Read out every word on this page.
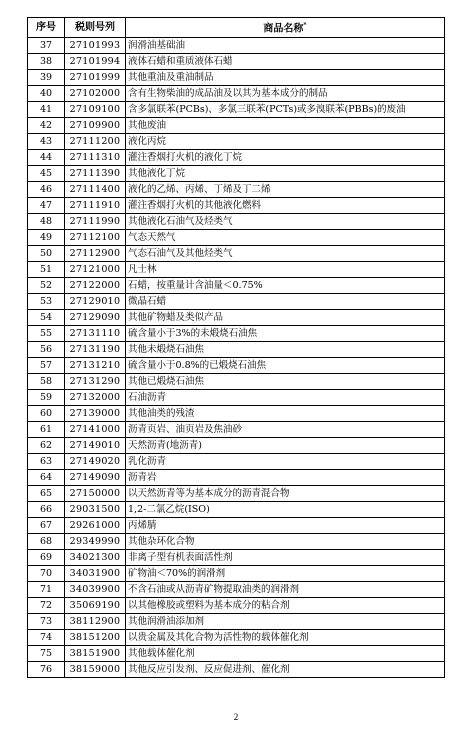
序号	税则号列	商品名称*
37	27101993	润滑油基础油
38	27101994	液体石蜡和重质液体石蜡
39	27101999	其他重油及重油制品
40	27102000	含有生物柴油的成品油及以其为基本成分的制品
41	27109100	含多氯联苯(PCBs)、多氯三联苯(PCTs)或多溴联苯(PBBs)的废油
42	27109900	其他废油
43	27111200	液化丙烷
44	27111310	灌注香烟打火机的液化丁烷
45	27111390	其他液化丁烷
46	27111400	液化的乙烯、丙烯、丁烯及丁二烯
47	27111910	灌注香烟打火机的其他液化燃料
48	27111990	其他液化石油气及烃类气
49	27112100	气态天然气
50	27112900	气态石油气及其他烃类气
51	27121000	凡士林
52	27122000	石蜡，按重量计含油量＜0.75%
53	27129010	微晶石蜡
54	27129090	其他矿物蜡及类似产品
55	27131110	硫含量小于3%的未煅烧石油焦
56	27131190	其他未煅烧石油焦
57	27131210	硫含量小于0.8%的已煅烧石油焦
58	27131290	其他已煅烧石油焦
59	27132000	石油沥青
60	27139000	其他油类的残渣
61	27141000	沥青页岩、油页岩及焦油砂
62	27149010	天然沥青(地沥青)
63	27149020	乳化沥青
64	27149090	沥青岩
65	27150000	以天然沥青等为基本成分的沥青混合物
66	29031500	1,2-二氯乙烷(ISO)
67	29261000	丙烯腈
68	29349990	其他杂环化合物
69	34021300	非离子型有机表面活性剂
70	34031900	矿物油＜70%的润滑剂
71	34039900	不含石油或从沥青矿物提取油类的润滑剂
72	35069190	以其他橡胶或塑料为基本成分的粘合剂
73	38112900	其他润滑油添加剂
74	38151200	以贵金属及其化合物为活性物的载体催化剂
75	38151900	其他载体催化剂
76	38159000	其他反应引发剂、反应促进剂、催化剂
2
